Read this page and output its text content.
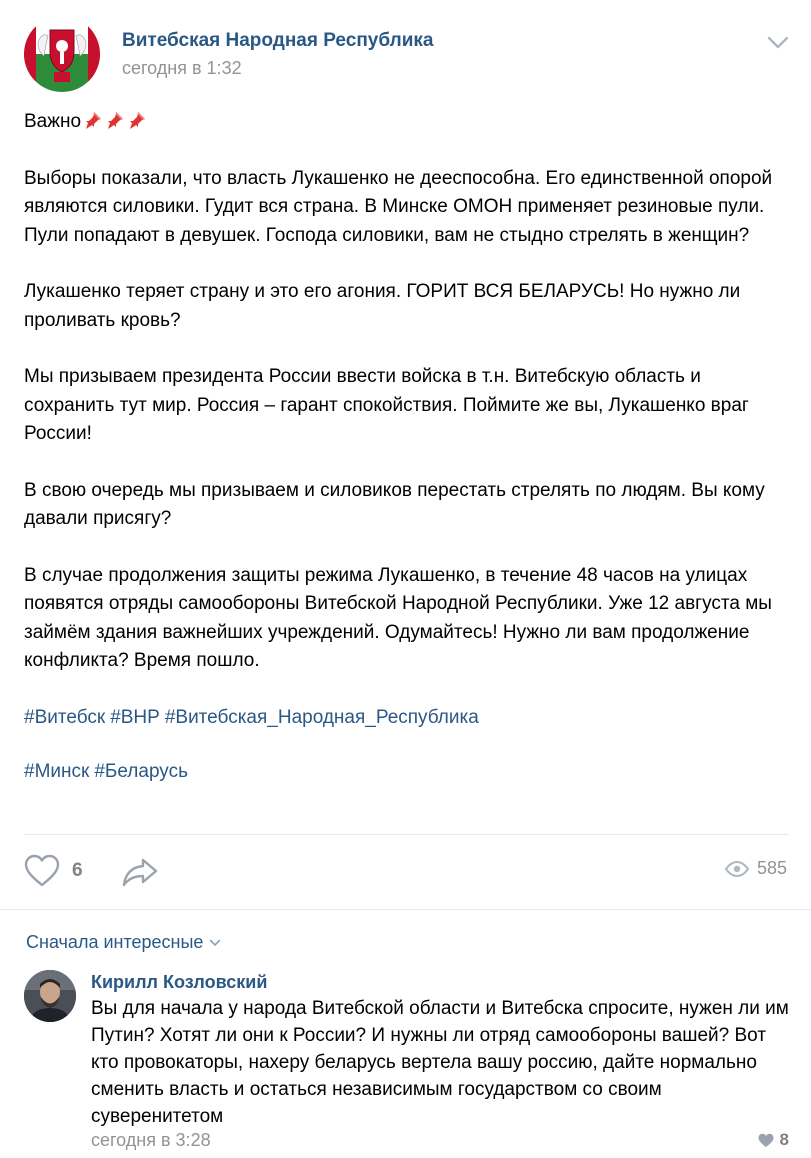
Витебская Народная Республика
сегодня в 1:32

Важно

Выборы показали, что власть Лукашенко не дееспособна. Его единственной опорой являются силовики. Гудит вся страна. В Минске ОМОН применяет резиновые пули. Пули попадают в девушек. Господа силовики, вам не стыдно стрелять в женщин?

Лукашенко теряет страну и это его агония. ГОРИТ ВСЯ БЕЛАРУСЬ! Но нужно ли проливать кровь?

Мы призываем президента России ввести войска в т.н. Витебскую область и сохранить тут мир. Россия – гарант спокойствия. Поймите же вы, Лукашенко враг России!

В свою очередь мы призываем и силовиков перестать стрелять по людям. Вы кому давали присягу?

В случае продолжения защиты режима Лукашенко, в течение 48 часов на улицах появятся отряды самообороны Витебской Народной Республики. Уже 12 августа мы займём здания важнейших учреждений. Одумайтесь! Нужно ли вам продолжение конфликта? Время пошло.

#Витебск #ВНР #Витебская_Народная_Республика

#Минск #Беларусь

6	585
Сначала интересные
Кирилл Козловский
Вы для начала у народа Витебской области и Витебска спросите, нужен ли им Путин? Хотят ли они к России? И нужны ли отряд самообороны вашей? Вот кто провокаторы, нахеру беларусь вертела вашу россию, дайте нормально сменить власть и остаться независимым государством со своим суверенитетом
сегодня в 3:28	8
